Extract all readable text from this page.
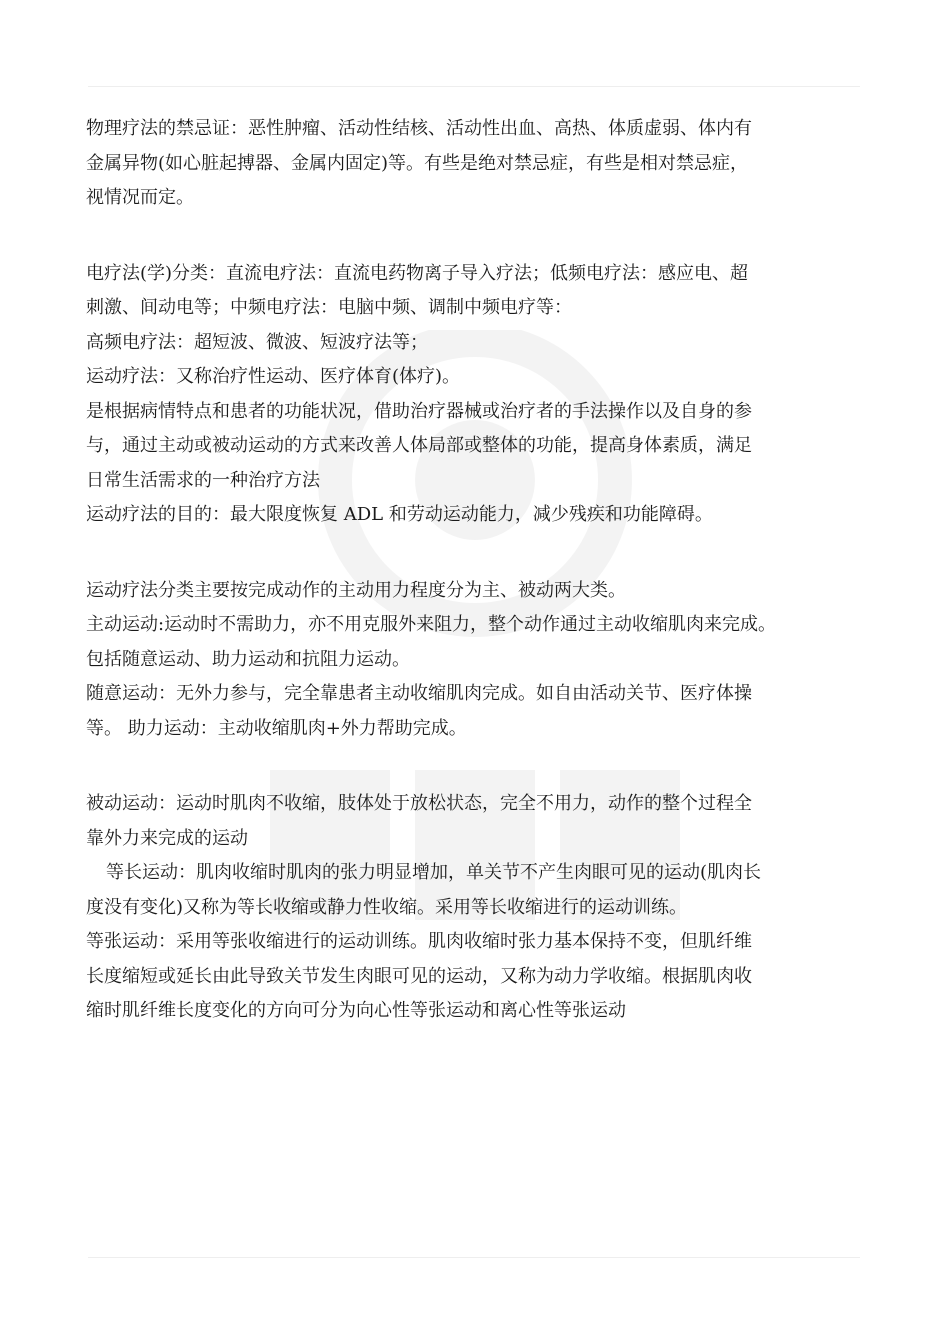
物理疗法的禁忌证：恶性肿瘤、活动性结核、活动性出血、高热、体质虚弱、体内有
金属异物(如心脏起搏器、金属内固定)等。有些是绝对禁忌症，有些是相对禁忌症，
视情况而定。
电疗法(学)分类：直流电疗法：直流电药物离子导入疗法；低频电疗法：感应电、超
刺激、间动电等；中频电疗法：电脑中频、调制中频电疗等：
高频电疗法：超短波、微波、短波疗法等；
运动疗法：又称治疗性运动、医疗体育(体疗)。
是根据病情特点和患者的功能状况，借助治疗器械或治疗者的手法操作以及自身的参
与，通过主动或被动运动的方式来改善人体局部或整体的功能，提高身体素质，满足
日常生活需求的一种治疗方法
运动疗法的目的：最大限度恢复 ADL 和劳动运动能力，减少残疾和功能障碍。
运动疗法分类主要按完成动作的主动用力程度分为主、被动两大类。
主动运动:运动时不需助力，亦不用克服外来阻力，整个动作通过主动收缩肌肉来完成。
包括随意运动、助力运动和抗阻力运动。
随意运动：无外力参与，完全靠患者主动收缩肌肉完成。如自由活动关节、医疗体操
等。 助力运动：主动收缩肌肉+外力帮助完成。
被动运动：运动时肌肉不收缩，肢体处于放松状态，完全不用力，动作的整个过程全
靠外力来完成的运动
等长运动：肌肉收缩时肌肉的张力明显增加，单关节不产生肉眼可见的运动(肌肉长
度没有变化)又称为等长收缩或静力性收缩。采用等长收缩进行的运动训练。
等张运动：采用等张收缩进行的运动训练。肌肉收缩时张力基本保持不变，但肌纤维
长度缩短或延长由此导致关节发生肉眼可见的运动，又称为动力学收缩。根据肌肉收
缩时肌纤维长度变化的方向可分为向心性等张运动和离心性等张运动
